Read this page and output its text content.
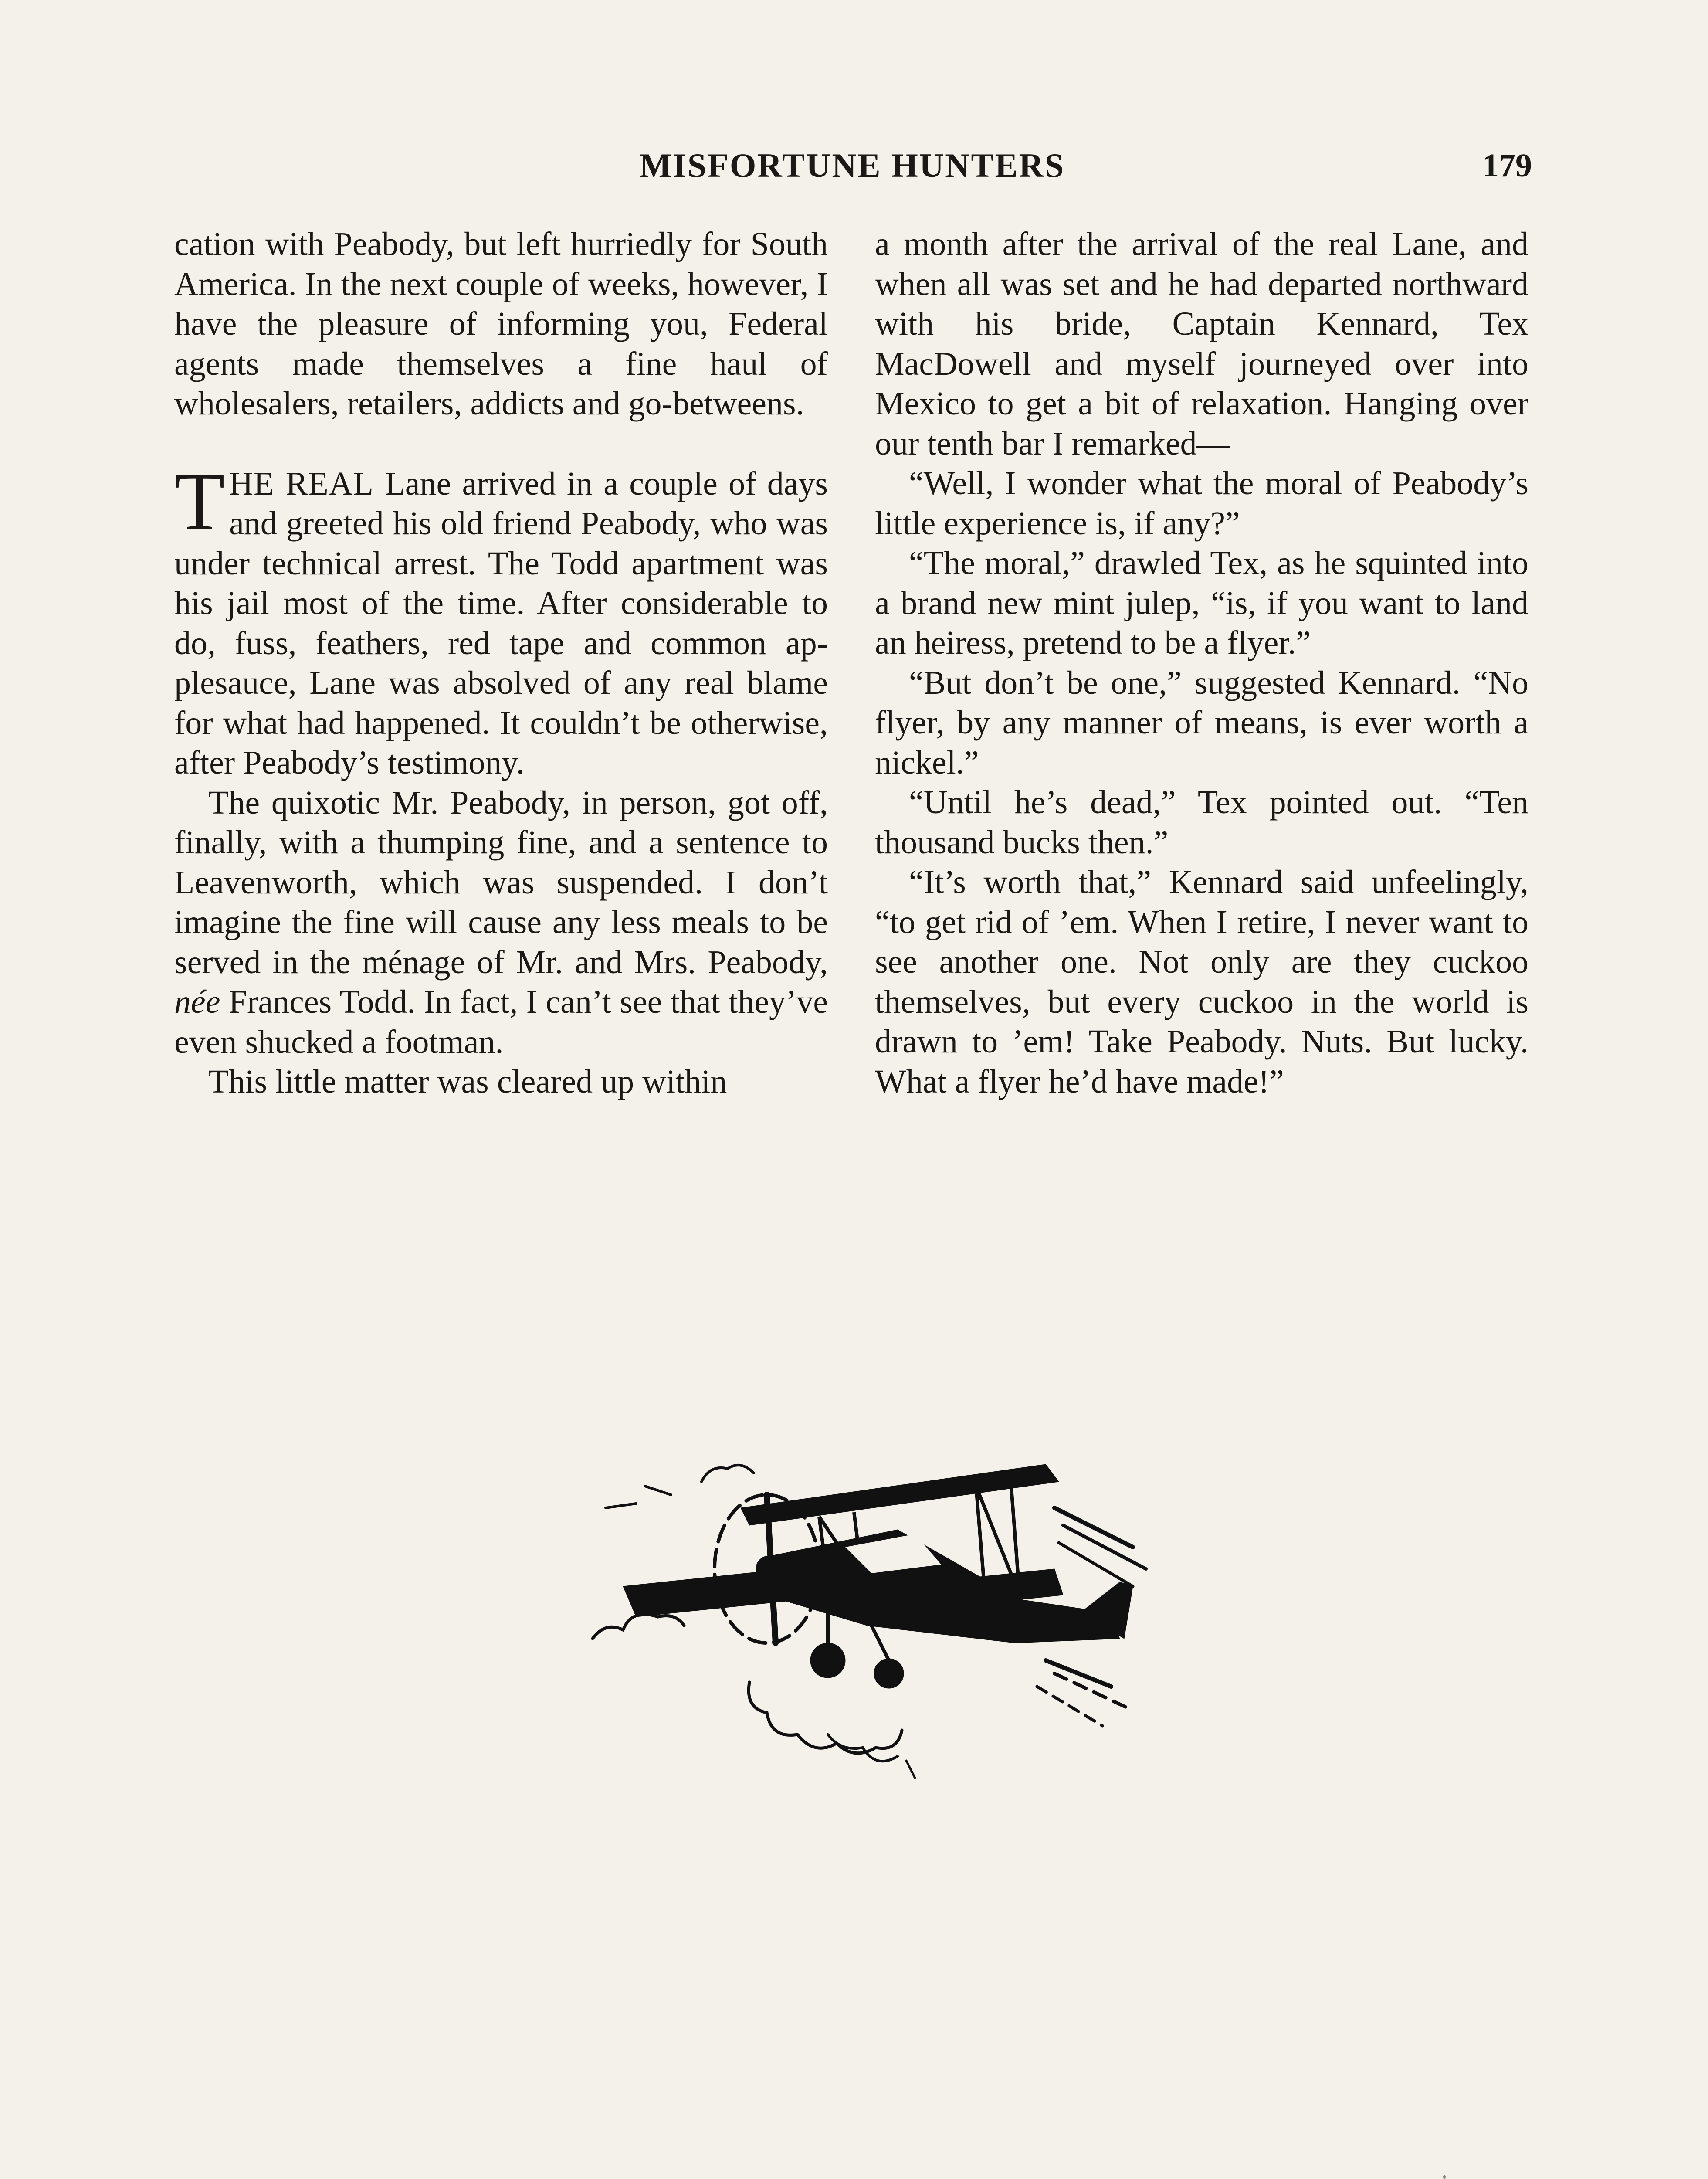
MISFORTUNE HUNTERS	179

cation with Peabody, but left hurriedly for South America. In the next couple of weeks, however, I have the pleasure of informing you, Federal agents made themselves a fine haul of wholesalers, retailers, addicts and go-betweens.

THE REAL Lane arrived in a couple of days and greeted his old friend Peabody, who was under technical arrest. The Todd apartment was his jail most of the time. After considerable to do, fuss, feathers, red tape and common applesauce, Lane was absolved of any real blame for what had happened. It couldn’t be otherwise, after Peabody’s testimony.

The quixotic Mr. Peabody, in person, got off, finally, with a thumping fine, and a sentence to Leavenworth, which was suspended. I don’t imagine the fine will cause any less meals to be served in the ménage of Mr. and Mrs. Peabody, née Frances Todd. In fact, I can’t see that they’ve even shucked a footman.

This little matter was cleared up within

a month after the arrival of the real Lane, and when all was set and he had departed northward with his bride, Captain Kennard, Tex MacDowell and myself journeyed over into Mexico to get a bit of relaxation. Hanging over our tenth bar I remarked—

“Well, I wonder what the moral of Peabody’s little experience is, if any?”

“The moral,” drawled Tex, as he squinted into a brand new mint julep, “is, if you want to land an heiress, pretend to be a flyer.”

“But don’t be one,” suggested Kennard. “No flyer, by any manner of means, is ever worth a nickel.”

“Until he’s dead,” Tex pointed out. “Ten thousand bucks then.”

“It’s worth that,” Kennard said unfeelingly, “to get rid of ’em. When I retire, I never want to see another one. Not only are they cuckoo themselves, but every cuckoo in the world is drawn to ’em! Take Peabody. Nuts. But lucky. What a flyer he’d have made!”
